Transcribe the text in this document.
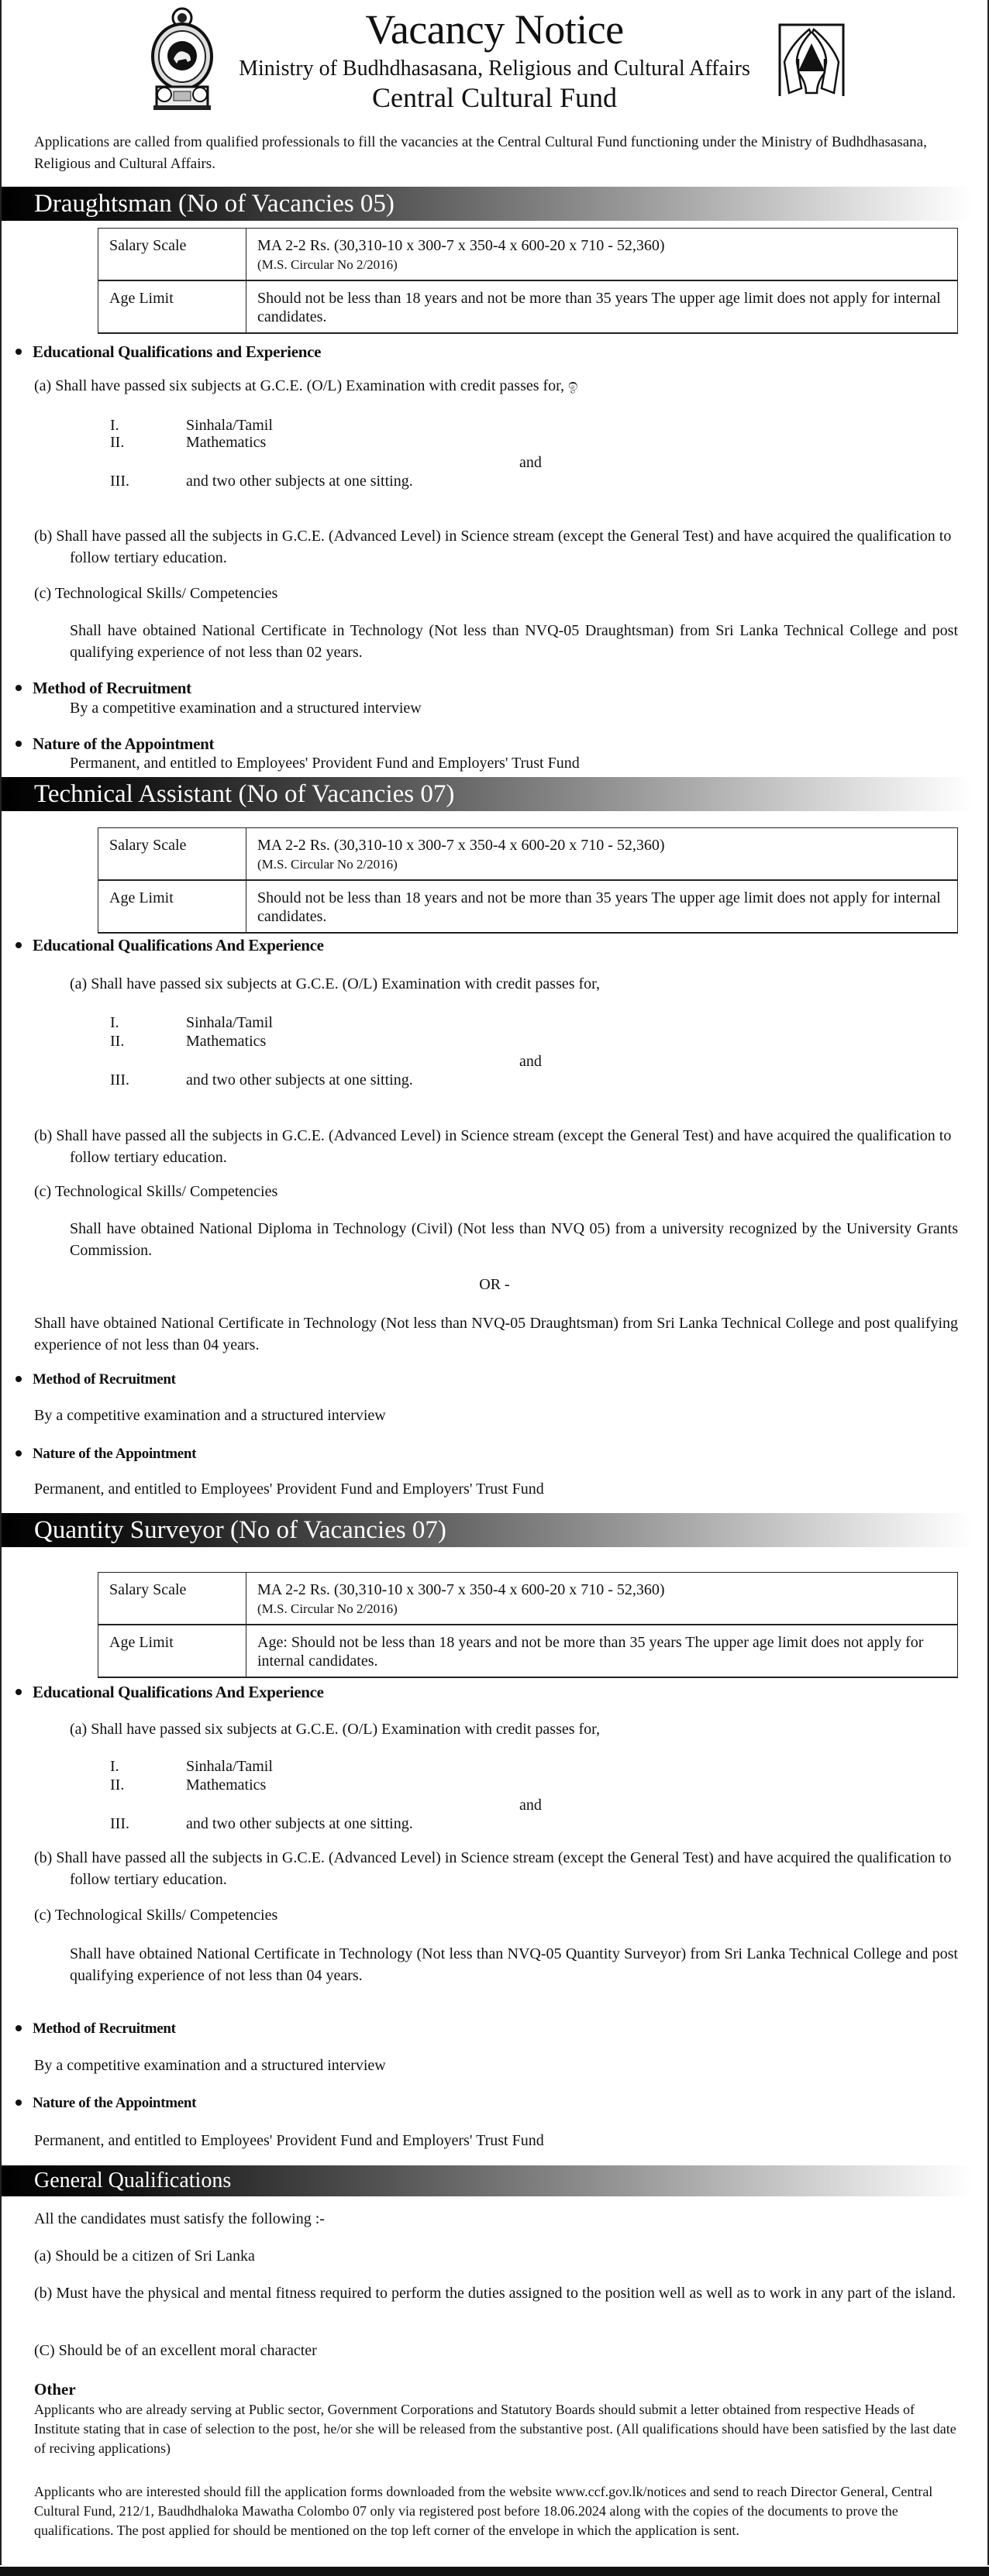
Vacancy Notice
Ministry of Budhdhasasana, Religious and Cultural Affairs
Central Cultural Fund
Applications are called from qualified professionals to fill the vacancies at the Central Cultural Fund functioning under the Ministry of Budhdhasasana, Religious and Cultural Affairs.
Draughtsman (No of Vacancies 05)
Salary Scale	MA 2-2 Rs. (30,310-10 x 300-7 x 350-4 x 600-20 x 710 - 52,360)
(M.S. Circular No 2/2016)

Age Limit	Should not be less than 18 years and not be more than 35 years The upper age limit does not apply for internal candidates.
Educational Qualifications and Experience
(a) Shall have passed six subjects at G.C.E. (O/L) Examination with credit passes for, ඉ
I.	Sinhala/Tamil
II.	Mathematics
and
III.	and two other subjects at one sitting.
(b) Shall have passed all the subjects in G.C.E. (Advanced Level) in Science stream (except the General Test) and have acquired the qualification to follow tertiary education.
(c) Technological Skills/ Competencies
Shall have obtained National Certificate in Technology (Not less than NVQ-05 Draughtsman) from Sri Lanka Technical College and post qualifying experience of not less than 02 years.
Method of Recruitment
By a competitive examination and a structured interview
Nature of the Appointment
Permanent, and entitled to Employees' Provident Fund and Employers' Trust Fund
Technical Assistant (No of Vacancies 07)
Salary Scale	MA 2-2 Rs. (30,310-10 x 300-7 x 350-4 x 600-20 x 710 - 52,360)
(M.S. Circular No 2/2016)

Age Limit	Should not be less than 18 years and not be more than 35 years The upper age limit does not apply for internal candidates.
Educational Qualifications And Experience
(a) Shall have passed six subjects at G.C.E. (O/L) Examination with credit passes for,
I.	Sinhala/Tamil
II.	Mathematics
and
III.	and two other subjects at one sitting.
(b) Shall have passed all the subjects in G.C.E. (Advanced Level) in Science stream (except the General Test) and have acquired the qualification to follow tertiary education.
(c) Technological Skills/ Competencies
Shall have obtained National Diploma in Technology (Civil) (Not less than NVQ 05) from a university recognized by the University Grants Commission.
OR -
Shall have obtained National Certificate in Technology (Not less than NVQ-05 Draughtsman) from Sri Lanka Technical College and post qualifying experience of not less than 04 years.
Method of Recruitment
By a competitive examination and a structured interview
Nature of the Appointment
Permanent, and entitled to Employees' Provident Fund and Employers' Trust Fund
Quantity Surveyor (No of Vacancies 07)
Salary Scale	MA 2-2 Rs. (30,310-10 x 300-7 x 350-4 x 600-20 x 710 - 52,360)
(M.S. Circular No 2/2016)

Age Limit	Age: Should not be less than 18 years and not be more than 35 years The upper age limit does not apply for internal candidates.
Educational Qualifications And Experience
(a) Shall have passed six subjects at G.C.E. (O/L) Examination with credit passes for,
I.	Sinhala/Tamil
II.	Mathematics
and
III.	and two other subjects at one sitting.
(b) Shall have passed all the subjects in G.C.E. (Advanced Level) in Science stream (except the General Test) and have acquired the qualification to follow tertiary education.
(c) Technological Skills/ Competencies
Shall have obtained National Certificate in Technology (Not less than NVQ-05 Quantity Surveyor) from Sri Lanka Technical College and post qualifying experience of not less than 04 years.
Method of Recruitment
By a competitive examination and a structured interview
Nature of the Appointment
Permanent, and entitled to Employees' Provident Fund and Employers' Trust Fund
General Qualifications
All the candidates must satisfy the following :-
(a) Should be a citizen of Sri Lanka
(b) Must have the physical and mental fitness required to perform the duties assigned to the position well as well as to work in any part of the island.
(C) Should be of an excellent moral character
Other
Applicants who are already serving at Public sector, Government Corporations and Statutory Boards should submit a letter obtained from respective Heads of Institute stating that in case of selection to the post, he/or she will be released from the substantive post. (All qualifications should have been satisfied by the last date of reciving applications)
Applicants who are interested should fill the application forms downloaded from the website www.ccf.gov.lk/notices and send to reach Director General, Central Cultural Fund, 212/1, Baudhdhaloka Mawatha Colombo 07 only via registered post before 18.06.2024 along with the copies of the documents to prove the qualifications. The post applied for should be mentioned on the top left corner of the envelope in which the application is sent.
